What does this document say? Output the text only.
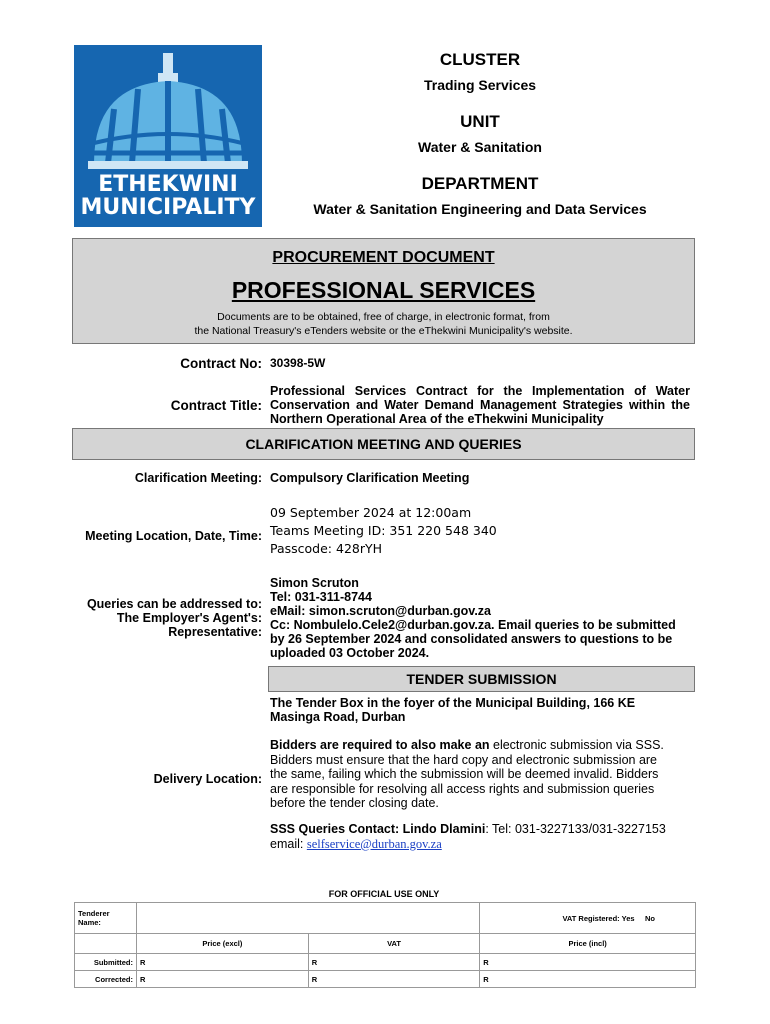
ETHEKWINI
MUNICIPALITY
CLUSTER
Trading Services
UNIT
Water & Sanitation
DEPARTMENT
Water & Sanitation Engineering and Data Services
PROCUREMENT DOCUMENT
PROFESSIONAL SERVICES
Documents are to be obtained, free of charge, in electronic format, from
the National Treasury's eTenders website or the eThekwini Municipality's website.
Contract No: 30398-5W
Contract Title:
Professional Services Contract for the Implementation of Water
Conservation and Water Demand Management Strategies within the
Northern Operational Area of the eThekwini Municipality
CLARIFICATION MEETING AND QUERIES
Clarification Meeting: Compulsory Clarification Meeting
Meeting Location, Date, Time:
09 September 2024 at 12:00am
Teams Meeting ID: 351 220 548 340
Passcode: 428rYH
Queries can be addressed to:
The Employer's Agent's:
Representative:
Simon Scruton
Tel: 031-311-8744
eMail: simon.scruton@durban.gov.za
Cc: Nombulelo.Cele2@durban.gov.za. Email queries to be submitted
by 26 September 2024 and consolidated answers to questions to be
uploaded 03 October 2024.
TENDER SUBMISSION
The Tender Box in the foyer of the Municipal Building, 166 KE
Masinga Road, Durban
Delivery Location:
Bidders are required to also make an electronic submission via SSS.
Bidders must ensure that the hard copy and electronic submission are
the same, failing which the submission will be deemed invalid. Bidders
are responsible for resolving all access rights and submission queries
before the tender closing date.
SSS Queries Contact: Lindo Dlamini: Tel: 031-3227133/031-3227153
email: selfservice@durban.gov.za
FOR OFFICIAL USE ONLY
Tenderer Name:			VAT Registered: Yes No
	Price (excl)	VAT	Price (incl)
Submitted:	R	R	R
Corrected:	R	R	R
